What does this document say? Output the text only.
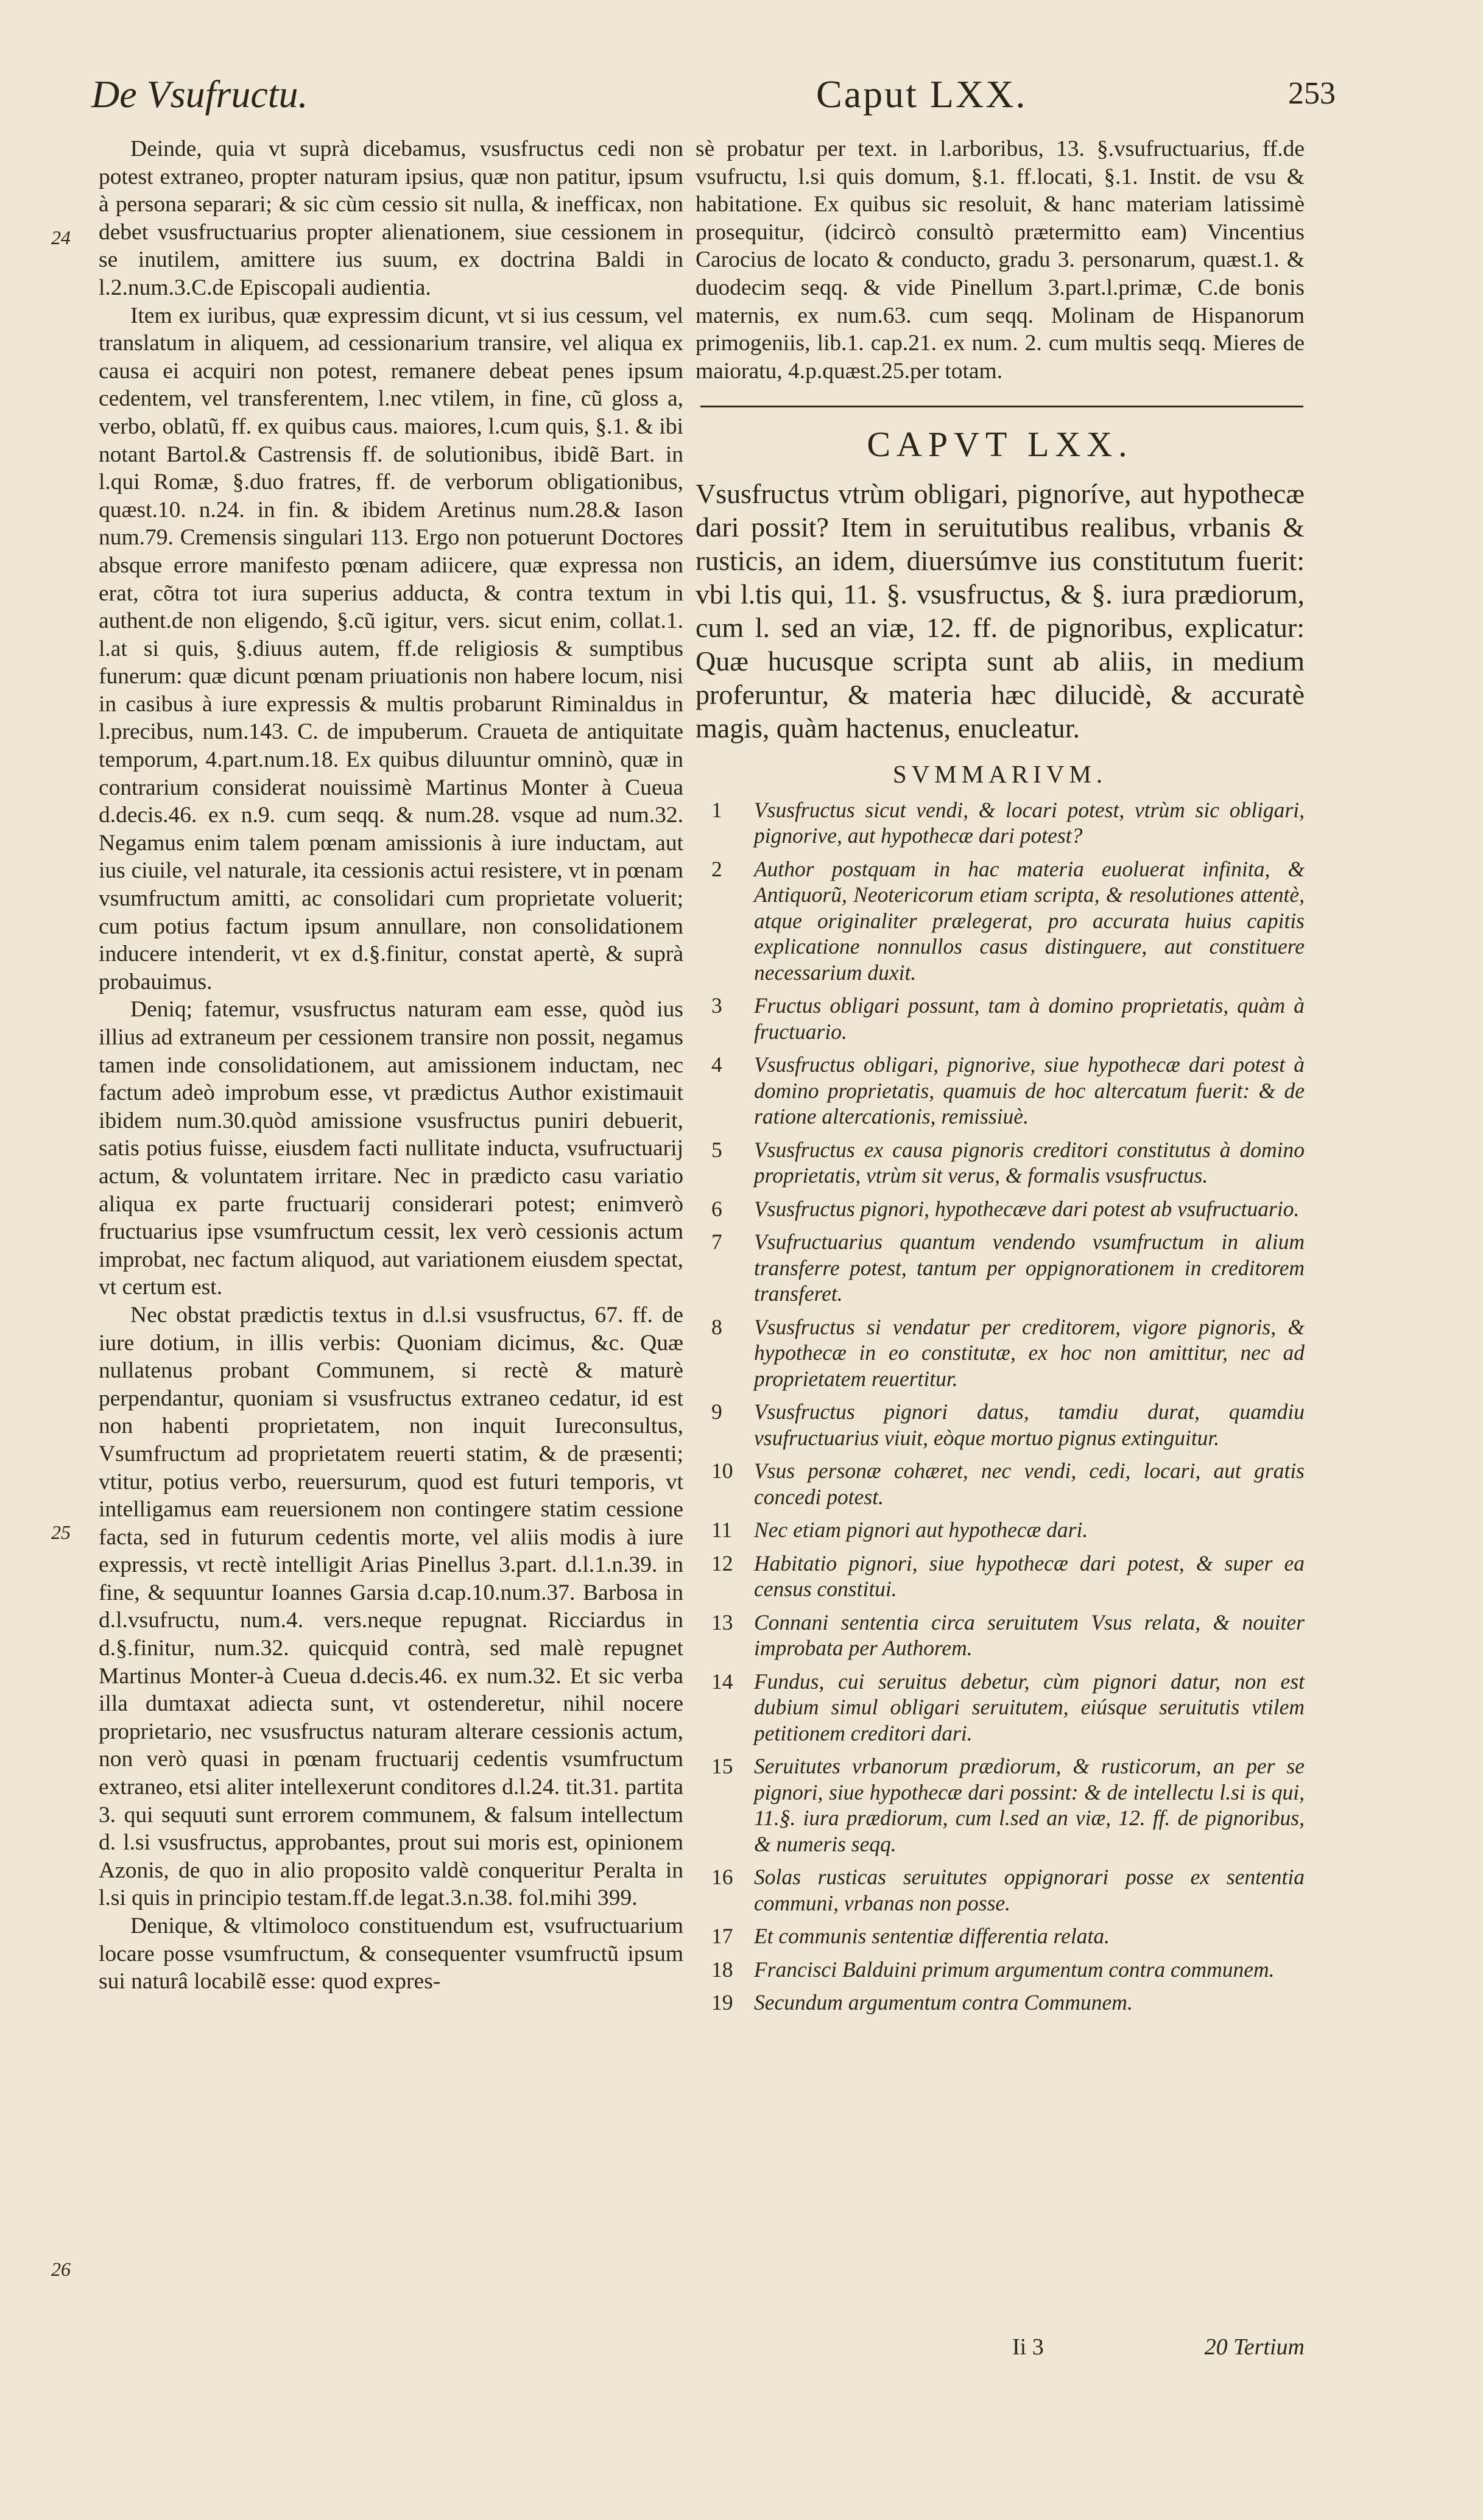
De Vsufructu.	Caput LXX.	253
24
25
26

Deinde, quia vt suprà dicebamus, vsusfructus cedi non potest extraneo, propter naturam ipsius, quæ non patitur, ipsum à persona separari; & sic cùm cessio sit nulla, & inefficax, non debet vsusfructuarius propter alienationem, siue cessionem in se inutilem, amittere ius suum, ex doctrina Baldi in l.2.num.3.C.de Episcopali audientia.

Item ex iuribus, quæ expressim dicunt, vt si ius cessum, vel translatum in aliquem, ad cessionarium transire, vel aliqua ex causa ei acquiri non potest, remanere debeat penes ipsum cedentem, vel transferentem, l.nec vtilem, in fine, cũ gloss a, verbo, oblatũ, ff. ex quibus caus. maiores, l.cum quis, §.1. & ibi notant Bartol.& Castrensis ff. de solutionibus, ibidẽ Bart. in l.qui Romæ, §.duo fratres, ff. de verborum obligationibus, quæst.10. n.24. in fin. & ibidem Aretinus num.28.& Iason num.79. Cremensis singulari 113. Ergo non potuerunt Doctores absque errore manifesto pœnam adiicere, quæ expressa non erat, cõtra tot iura superius adducta, & contra textum in authent.de non eligendo, §.cũ igitur, vers. sicut enim, collat.1. l.at si quis, §.diuus autem, ff.de religiosis & sumptibus funerum: quæ dicunt pœnam priuationis non habere locum, nisi in casibus à iure expressis & multis probarunt Riminaldus in l.precibus, num.143. C. de impuberum. Craueta de antiquitate temporum, 4.part.num.18. Ex quibus diluuntur omninò, quæ in contrarium considerat nouissimè Martinus Monter à Cueua d.decis.46. ex n.9. cum seqq. & num.28. vsque ad num.32. Negamus enim talem pœnam amissionis à iure inductam, aut ius ciuile, vel naturale, ita cessionis actui resistere, vt in pœnam vsumfructum amitti, ac consolidari cum proprietate voluerit; cum potius factum ipsum annullare, non consolidationem inducere intenderit, vt ex d.§.finitur, constat apertè, & suprà probauimus.

Deniq; fatemur, vsusfructus naturam eam esse, quòd ius illius ad extraneum per cessionem transire non possit, negamus tamen inde consolidationem, aut amissionem inductam, nec factum adeò improbum esse, vt prædictus Author existimauit ibidem num.30.quòd amissione vsusfructus puniri debuerit, satis potius fuisse, eiusdem facti nullitate inducta, vsufructuarij actum, & voluntatem irritare. Nec in prædicto casu variatio aliqua ex parte fructuarij considerari potest; enimverò fructuarius ipse vsumfructum cessit, lex verò cessionis actum improbat, nec factum aliquod, aut variationem eiusdem spectat, vt certum est.

Nec obstat prædictis textus in d.l.si vsusfructus, 67. ff. de iure dotium, in illis verbis: Quoniam dicimus, &c. Quæ nullatenus probant Communem, si rectè & maturè perpendantur, quoniam si vsusfructus extraneo cedatur, id est non habenti proprietatem, non inquit Iureconsultus, Vsumfructum ad proprietatem reuerti statim, & de præsenti; vtitur, potius verbo, reuersurum, quod est futuri temporis, vt intelligamus eam reuersionem non contingere statim cessione facta, sed in futurum cedentis morte, vel aliis modis à iure expressis, vt rectè intelligit Arias Pinellus 3.part. d.l.1.n.39. in fine, & sequuntur Ioannes Garsia d.cap.10.num.37. Barbosa in d.l.vsufructu, num.4. vers.neque repugnat. Ricciardus in d.§.finitur, num.32. quicquid contrà, sed malè repugnet Martinus Monter-à Cueua d.decis.46. ex num.32. Et sic verba illa dumtaxat adiecta sunt, vt ostenderetur, nihil nocere proprietario, nec vsusfructus naturam alterare cessionis actum, non verò quasi in pœnam fructuarij cedentis vsumfructum extraneo, etsi aliter intellexerunt conditores d.l.24. tit.31. partita 3. qui sequuti sunt errorem communem, & falsum intellectum d. l.si vsusfructus, approbantes, prout sui moris est, opinionem Azonis, de quo in alio proposito valdè conqueritur Peralta in l.si quis in principio testam.ff.de legat.3.n.38. fol.mihi 399.

Denique, & vltimoloco constituendum est, vsufructuarium locare posse vsumfructum, & consequenter vsumfructũ ipsum sui naturâ locabilẽ esse: quod expres-

sè probatur per text. in l.arboribus, 13. §.vsufructuarius, ff.de vsufructu, l.si quis domum, §.1. ff.locati, §.1. Instit. de vsu & habitatione. Ex quibus sic resoluit, & hanc materiam latissimè prosequitur, (idcircò consultò prætermitto eam) Vincentius Carocius de locato & conducto, gradu 3. personarum, quæst.1. & duodecim seqq. & vide Pinellum 3.part.l.primæ, C.de bonis maternis, ex num.63. cum seqq. Molinam de Hispanorum primogeniis, lib.1. cap.21. ex num. 2. cum multis seqq. Mieres de maioratu, 4.p.quæst.25.per totam.
CAPVT LXX.

Vsusfructus vtrùm obligari, pignoríve, aut hypothecæ dari possit? Item in seruitutibus realibus, vrbanis & rusticis, an idem, diuersúmve ius constitutum fuerit: vbi l.tis qui, 11. §. vsusfructus, & §. iura prædiorum, cum l. sed an viæ, 12. ff. de pignoribus, explicatur: Quæ hucusque scripta sunt ab aliis, in medium proferuntur, & materia hæc dilucidè, & accuratè magis, quàm hactenus, enucleatur.

SVMMARIVM.
1 Vsusfructus sicut vendi, & locari potest, vtrùm sic obligari, pignorive, aut hypothecæ dari potest?
2 Author postquam in hac materia euoluerat infinita, & Antiquorũ, Neotericorum etiam scripta, & resolutiones attentè, atque originaliter prælegerat, pro accurata huius capitis explicatione nonnullos casus distinguere, aut constituere necessarium duxit.
3 Fructus obligari possunt, tam à domino proprietatis, quàm à fructuario.
4 Vsusfructus obligari, pignorive, siue hypothecæ dari potest à domino proprietatis, quamuis de hoc altercatum fuerit: & de ratione altercationis, remissiuè.
5 Vsusfructus ex causa pignoris creditori constitutus à domino proprietatis, vtrùm sit verus, & formalis vsusfructus.
6 Vsusfructus pignori, hypothecæve dari potest ab vsufructuario.
7 Vsufructuarius quantum vendendo vsumfructum in alium transferre potest, tantum per oppignorationem in creditorem transferet.
8 Vsusfructus si vendatur per creditorem, vigore pignoris, & hypothecæ in eo constitutæ, ex hoc non amittitur, nec ad proprietatem reuertitur.
9 Vsusfructus pignori datus, tamdiu durat, quamdiu vsufructuarius viuit, eòque mortuo pignus extinguitur.
10 Vsus personæ cohæret, nec vendi, cedi, locari, aut gratis concedi potest.
11 Nec etiam pignori aut hypothecæ dari.
12 Habitatio pignori, siue hypothecæ dari potest, & super ea census constitui.
13 Connani sententia circa seruitutem Vsus relata, & nouiter improbata per Authorem.
14 Fundus, cui seruitus debetur, cùm pignori datur, non est dubium simul obligari seruitutem, eiúsque seruitutis vtilem petitionem creditori dari.
15 Seruitutes vrbanorum prædiorum, & rusticorum, an per se pignori, siue hypothecæ dari possint: & de intellectu l.si is qui, 11.§. iura prædiorum, cum l.sed an viæ, 12. ff. de pignoribus, & numeris seqq.
16 Solas rusticas seruitutes oppignorari posse ex sententia communi, vrbanas non posse.
17 Et communis sententiæ differentia relata.
18 Francisci Balduini primum argumentum contra communem.
19 Secundum argumentum contra Communem.
Ii 3	20 Tertium
